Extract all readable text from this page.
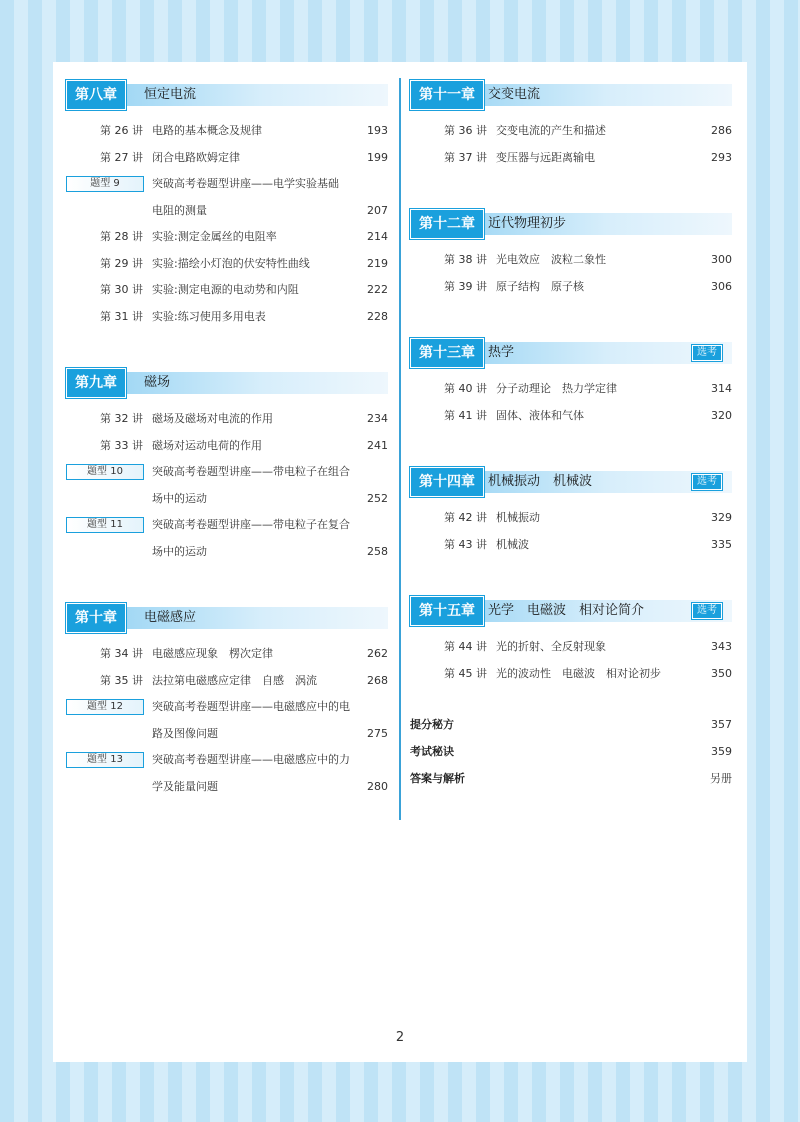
第八章	恒定电流
第 26 讲 电路的基本概念及规律	193
第 27 讲 闭合电路欧姆定律	199
题型 9	突破高考卷题型讲座——电学实验基础
电阻的测量	207
第 28 讲 实验:测定金属丝的电阻率	214
第 29 讲 实验:描绘小灯泡的伏安特性曲线	219
第 30 讲 实验:测定电源的电动势和内阻	222
第 31 讲 实验:练习使用多用电表	228
第九章	磁场
第 32 讲 磁场及磁场对电流的作用	234
第 33 讲 磁场对运动电荷的作用	241
题型 10	突破高考卷题型讲座——带电粒子在组合
场中的运动	252
题型 11	突破高考卷题型讲座——带电粒子在复合
场中的运动	258
第十章	电磁感应
第 34 讲 电磁感应现象　楞次定律	262
第 35 讲 法拉第电磁感应定律　自感　涡流	268
题型 12	突破高考卷题型讲座——电磁感应中的电
路及图像问题	275
题型 13	突破高考卷题型讲座——电磁感应中的力
学及能量问题	280
第十一章	交变电流
第 36 讲 交变电流的产生和描述	286
第 37 讲 变压器与远距离输电	293
第十二章	近代物理初步
第 38 讲 光电效应　波粒二象性	300
第 39 讲 原子结构　原子核	306
第十三章	热学	选考
第 40 讲 分子动理论　热力学定律	314
第 41 讲 固体、液体和气体	320
第十四章	机械振动　机械波	选考
第 42 讲 机械振动	329
第 43 讲 机械波	335
第十五章	光学　电磁波　相对论简介	选考
第 44 讲 光的折射、全反射现象	343
第 45 讲 光的波动性　电磁波　相对论初步	350
提分秘方	357
考试秘诀	359
答案与解析	另册
2
